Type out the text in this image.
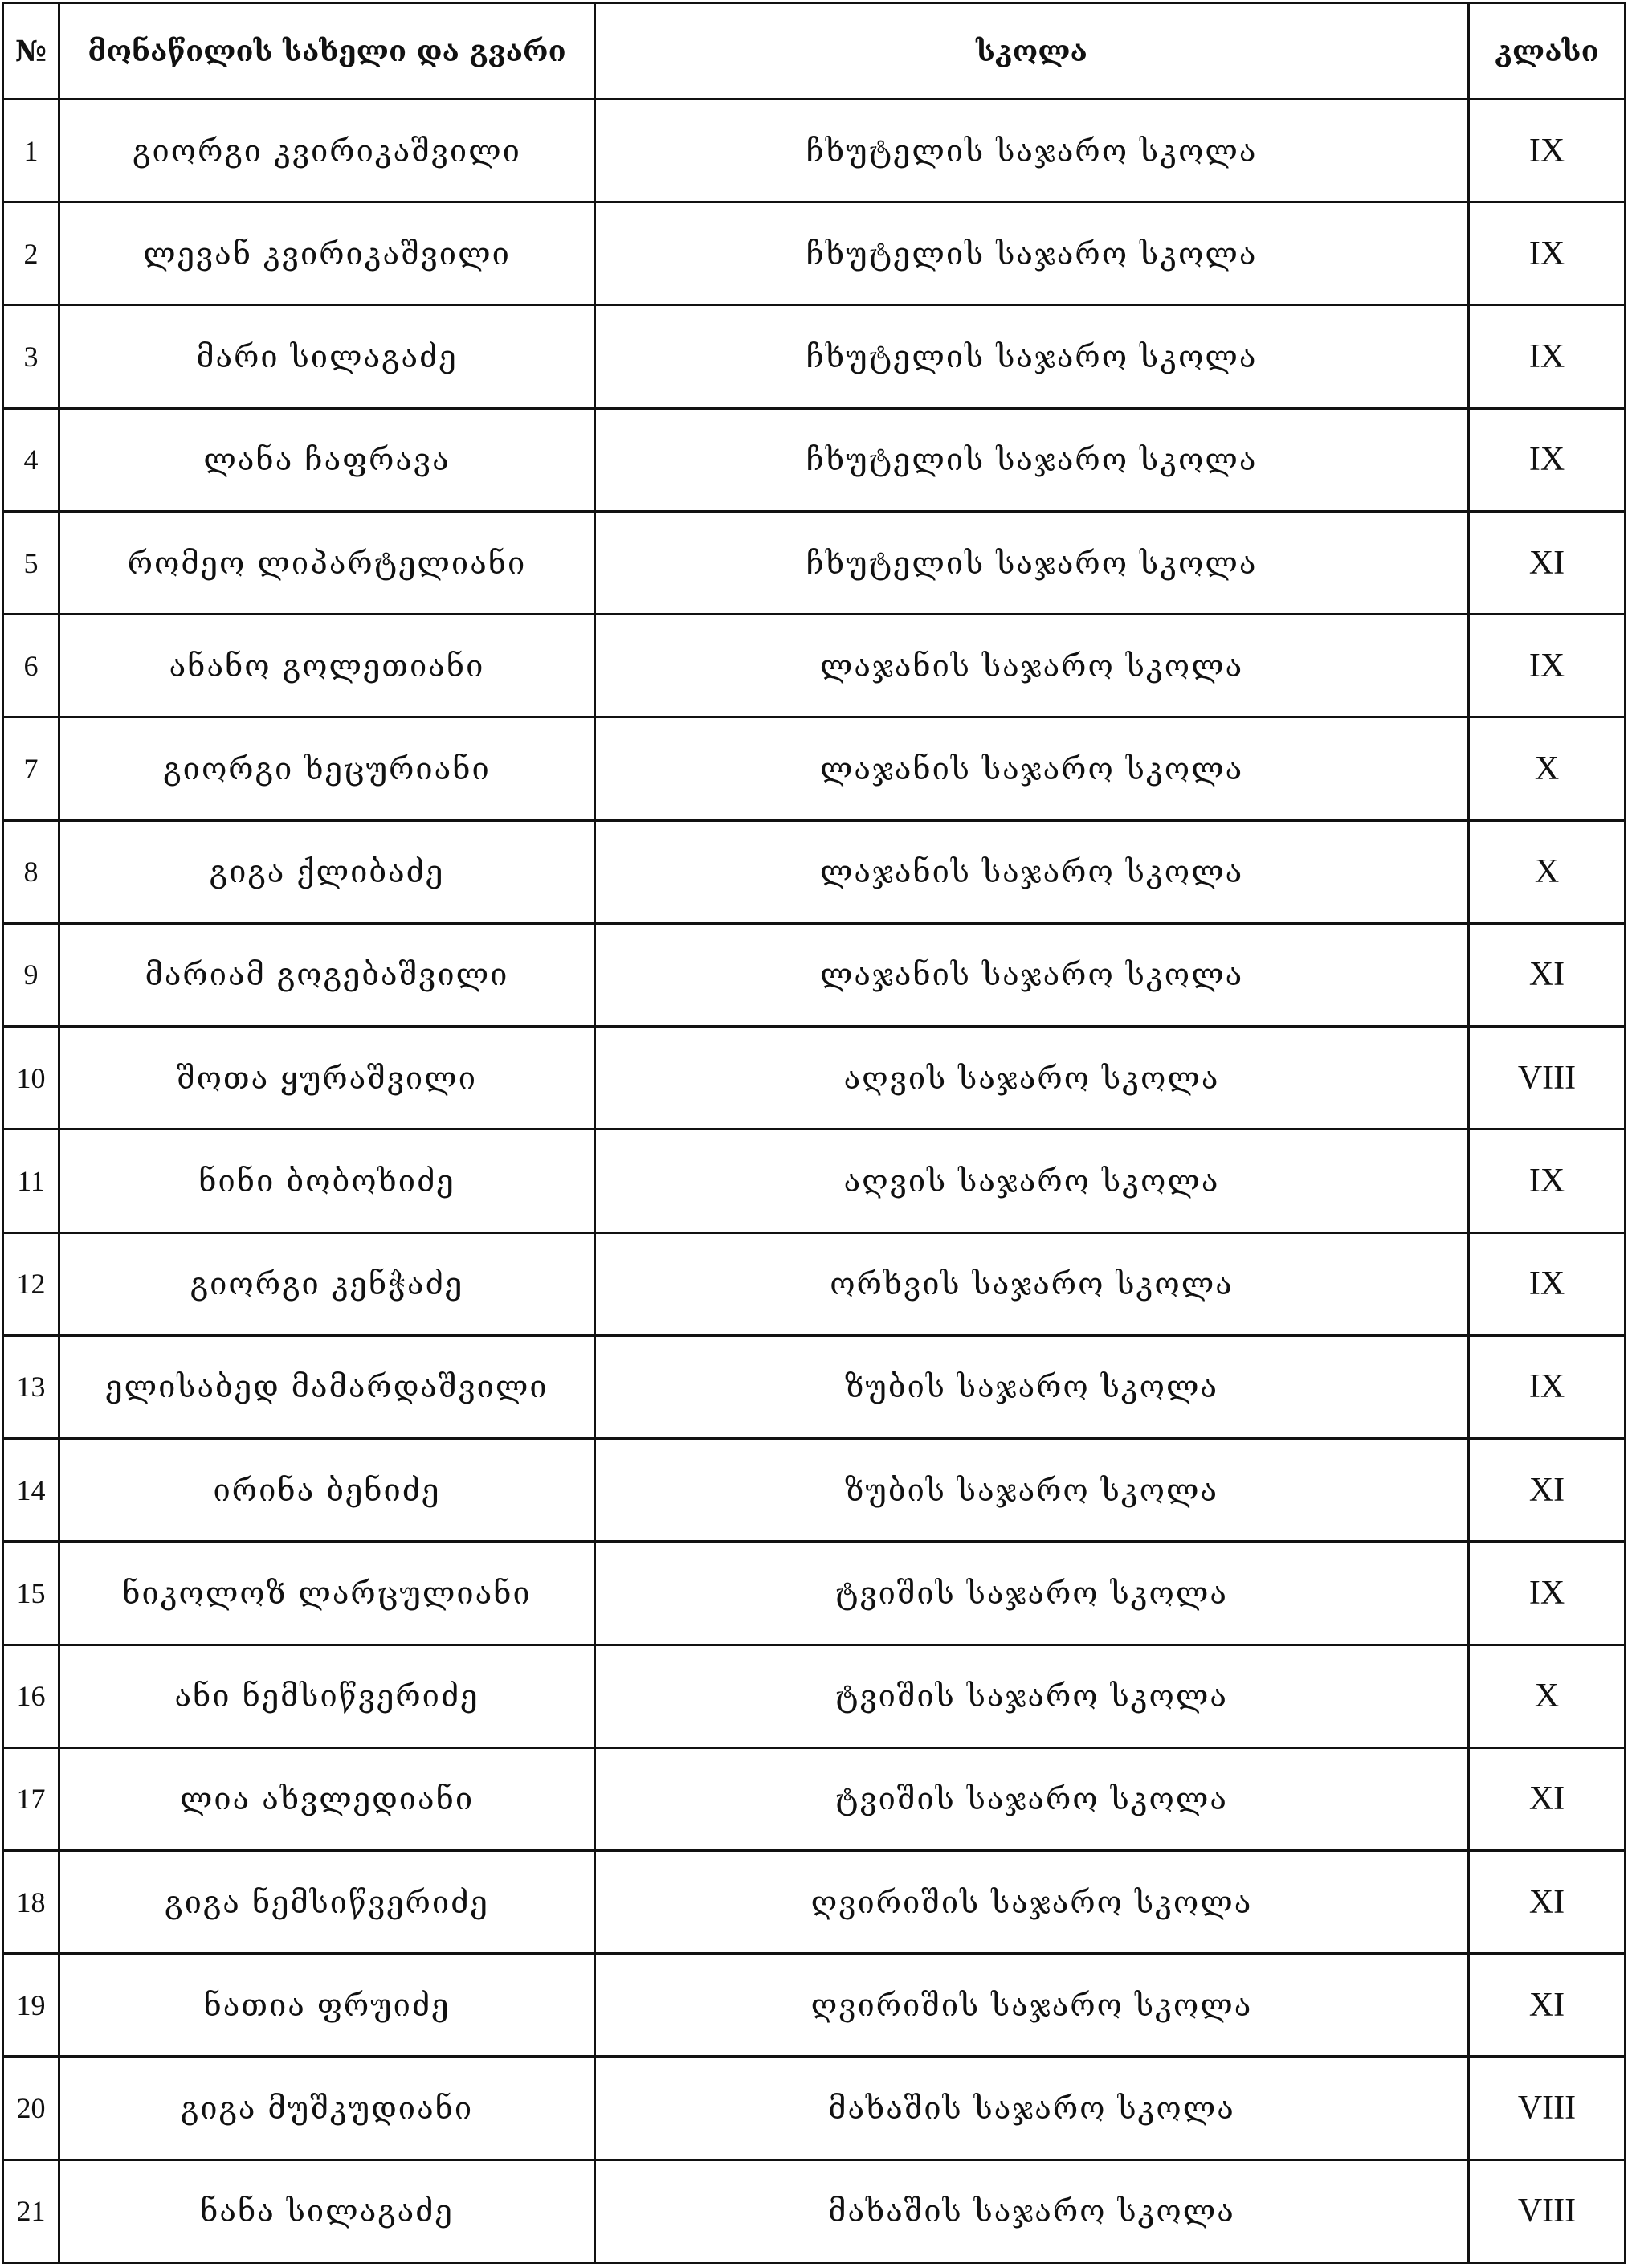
№	მონაწილის სახელი და გვარი	სკოლა	კლასი
1	გიორგი კვირიკაშვილი	ჩხუტელის საჯარო სკოლა	IX
2	ლევან კვირიკაშვილი	ჩხუტელის საჯარო სკოლა	IX
3	მარი სილაგაძე	ჩხუტელის საჯარო სკოლა	IX
4	ლანა ჩაფრავა	ჩხუტელის საჯარო სკოლა	IX
5	რომეო ლიპარტელიანი	ჩხუტელის საჯარო სკოლა	XI
6	ანანო გოლეთიანი	ლაჯანის საჯარო სკოლა	IX
7	გიორგი ხეცურიანი	ლაჯანის საჯარო სკოლა	X
8	გიგა ქლიბაძე	ლაჯანის საჯარო სკოლა	X
9	მარიამ გოგებაშვილი	ლაჯანის საჯარო სკოლა	XI
10	შოთა ყურაშვილი	აღვის საჯარო სკოლა	VIII
11	ნინი ბობოხიძე	აღვის საჯარო სკოლა	IX
12	გიორგი კენჭაძე	ორხვის საჯარო სკოლა	IX
13	ელისაბედ მამარდაშვილი	ზუბის საჯარო სკოლა	IX
14	ირინა ბენიძე	ზუბის საჯარო სკოლა	XI
15	ნიკოლოზ ლარცულიანი	ტვიშის საჯარო სკოლა	IX
16	ანი ნემსიწვერიძე	ტვიშის საჯარო სკოლა	X
17	ლია ახვლედიანი	ტვიშის საჯარო სკოლა	XI
18	გიგა ნემსიწვერიძე	ღვირიშის საჯარო სკოლა	XI
19	ნათია ფრუიძე	ღვირიშის საჯარო სკოლა	XI
20	გიგა მუშკუდიანი	მახაშის საჯარო სკოლა	VIII
21	ნანა სილაგაძე	მახაშის საჯარო სკოლა	VIII
